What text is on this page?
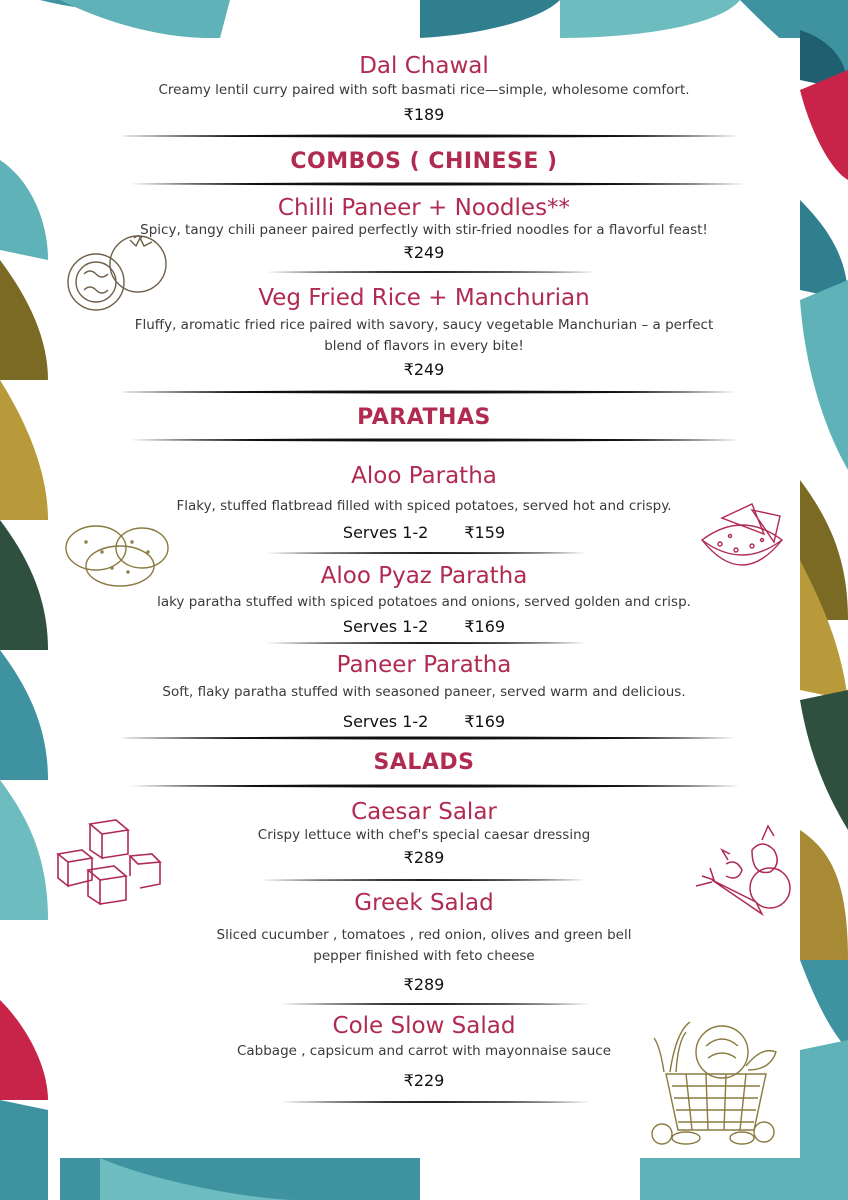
Dal Chawal
Creamy lentil curry paired with soft basmati rice—simple, wholesome comfort.
₹189
COMBOS ( CHINESE )
Chilli Paneer + Noodles**
Spicy, tangy chili paneer paired perfectly with stir-fried noodles for a flavorful feast!
₹249
Veg Fried Rice + Manchurian
Fluffy, aromatic fried rice paired with savory, saucy vegetable Manchurian – a perfect
blend of flavors in every bite!
₹249
PARATHAS
Aloo Paratha
Flaky, stuffed flatbread filled with spiced potatoes, served hot and crispy.
Serves 1-2 ₹159
Aloo Pyaz Paratha
laky paratha stuffed with spiced potatoes and onions, served golden and crisp.
Serves 1-2 ₹169
Paneer Paratha
Soft, flaky paratha stuffed with seasoned paneer, served warm and delicious.
Serves 1-2 ₹169
SALADS
Caesar Salar
Crispy lettuce with chef's special caesar dressing
₹289
Greek Salad
Sliced cucumber , tomatoes , red onion, olives and green bell
pepper finished with feto cheese
₹289
Cole Slow Salad
Cabbage , capsicum and carrot with mayonnaise sauce
₹229
